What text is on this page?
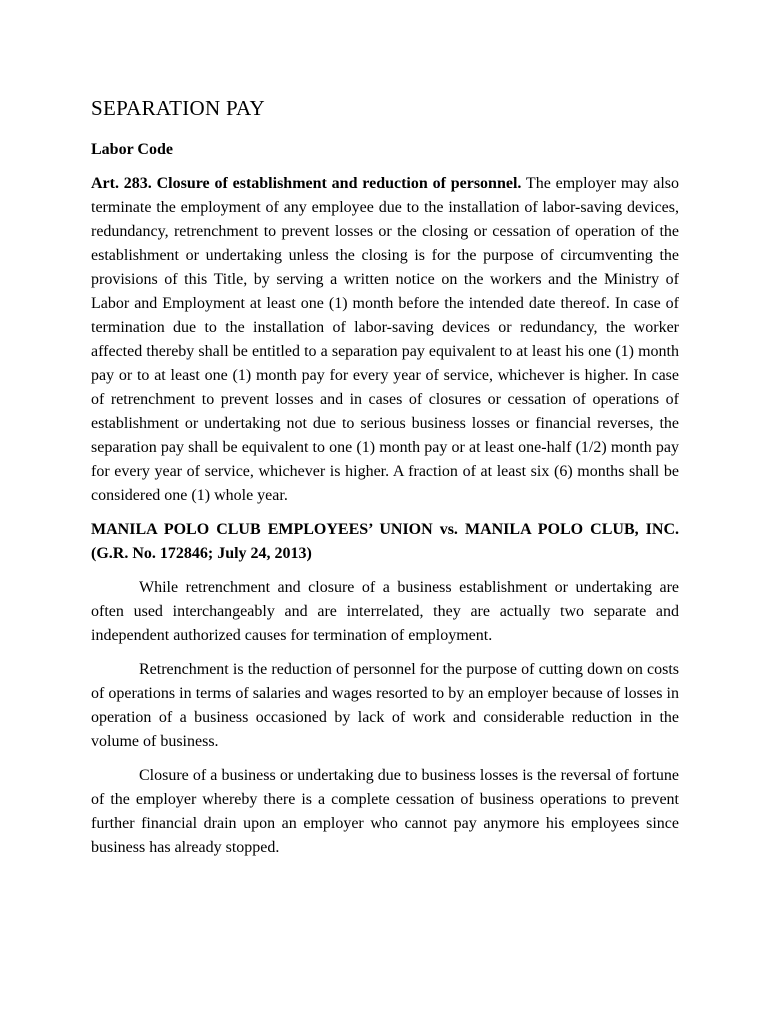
SEPARATION PAY
Labor Code

Art. 283. Closure of establishment and reduction of personnel. The employer may also terminate the employment of any employee due to the installation of labor-saving devices, redundancy, retrenchment to prevent losses or the closing or cessation of operation of the establishment or undertaking unless the closing is for the purpose of circumventing the provisions of this Title, by serving a written notice on the workers and the Ministry of Labor and Employment at least one (1) month before the intended date thereof. In case of termination due to the installation of labor-saving devices or redundancy, the worker affected thereby shall be entitled to a separation pay equivalent to at least his one (1) month pay or to at least one (1) month pay for every year of service, whichever is higher. In case of retrenchment to prevent losses and in cases of closures or cessation of operations of establishment or undertaking not due to serious business losses or financial reverses, the separation pay shall be equivalent to one (1) month pay or at least one-half (1/2) month pay for every year of service, whichever is higher. A fraction of at least six (6) months shall be considered one (1) whole year.

MANILA POLO CLUB EMPLOYEES’ UNION vs. MANILA POLO CLUB, INC. (G.R. No. 172846; July 24, 2013)

While retrenchment and closure of a business establishment or undertaking are often used interchangeably and are interrelated, they are actually two separate and independent authorized causes for termination of employment.

Retrenchment is the reduction of personnel for the purpose of cutting down on costs of operations in terms of salaries and wages resorted to by an employer because of losses in operation of a business occasioned by lack of work and considerable reduction in the volume of business.

Closure of a business or undertaking due to business losses is the reversal of fortune of the employer whereby there is a complete cessation of business operations to prevent further financial drain upon an employer who cannot pay anymore his employees since business has already stopped.
